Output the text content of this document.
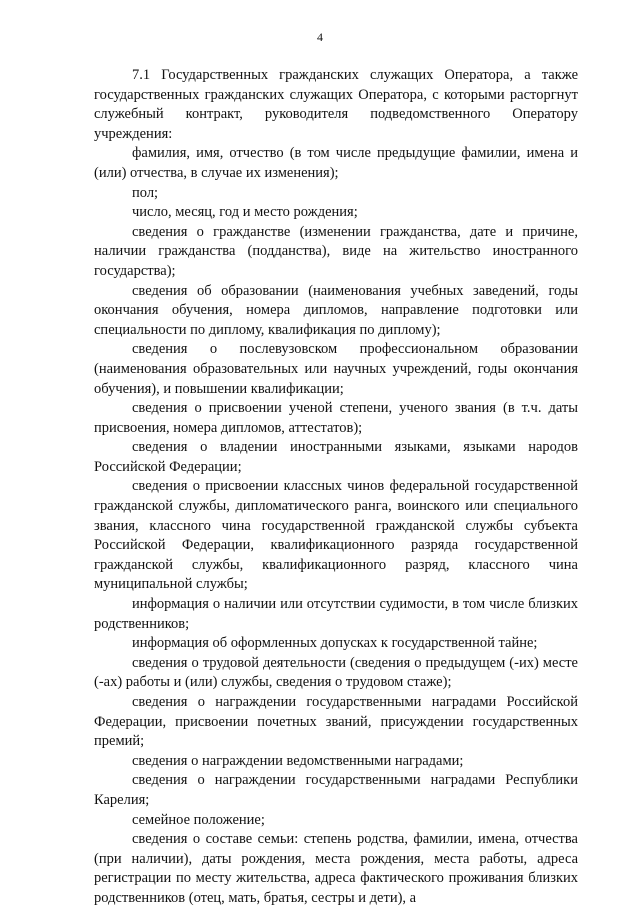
4

7.1 Государственных гражданских служащих Оператора, а также государственных гражданских служащих Оператора, с которыми расторгнут служебный контракт, руководителя подведомственного Оператору учреждения:

фамилия, имя, отчество (в том числе предыдущие фамилии, имена и (или) отчества, в случае их изменения);

пол;

число, месяц, год и место рождения;

сведения о гражданстве (изменении гражданства, дате и причине, наличии гражданства (подданства), виде на жительство иностранного государства);

сведения об образовании (наименования учебных заведений, годы окончания обучения, номера дипломов, направление подготовки или специальности по диплому, квалификация по диплому);

сведения о послевузовском профессиональном образовании (наименования образовательных или научных учреждений, годы окончания обучения), и повышении квалификации;

сведения о присвоении ученой степени, ученого звания (в т.ч. даты присвоения, номера дипломов, аттестатов);

сведения о владении иностранными языками, языками народов Российской Федерации;

сведения о присвоении классных чинов федеральной государственной гражданской службы, дипломатического ранга, воинского или специального звания, классного чина государственной гражданской службы субъекта Российской Федерации, квалификационного разряда государственной гражданской службы, квалификационного разряд, классного чина муниципальной службы;

информация о наличии или отсутствии судимости, в том числе близких родственников;

информация об оформленных допусках к государственной тайне;

сведения о трудовой деятельности (сведения о предыдущем (-их) месте (-ах) работы и (или) службы, сведения о трудовом стаже);

сведения о награждении государственными наградами Российской Федерации, присвоении почетных званий, присуждении государственных премий;

сведения о награждении ведомственными наградами;

сведения о награждении государственными наградами Республики Карелия;

семейное положение;

сведения о составе семьи: степень родства, фамилии, имена, отчества (при наличии), даты рождения, места рождения, места работы, адреса регистрации по месту жительства, адреса фактического проживания близких родственников (отец, мать, братья, сестры и дети), а
